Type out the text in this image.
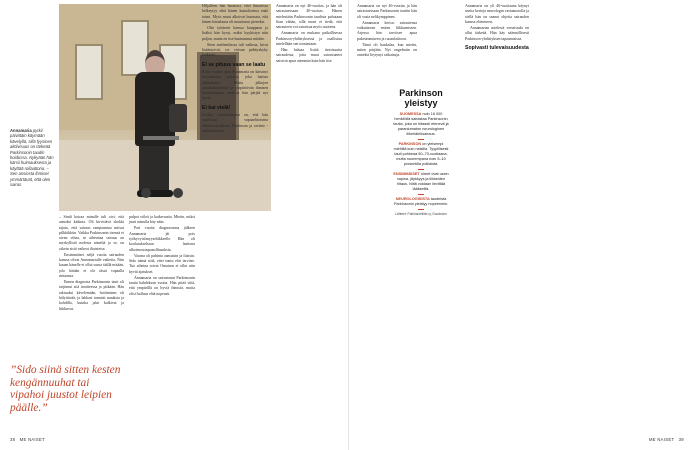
Annamaria pyrkii päivittäin käymään kävelyllä, sillä fyysinen aktiivisuus on tärkeää Parkinsonin taudin hoidossa. Nykyään hän kärsii huimauksesta ja käyttää rollaattoria. – Sen ansiosta ihmiset ymmärtävät, että olen sairas.

– Sindi koiraa minulle tuli oivi, että annoksi kaiknia. Oli hirvittävä shokki tajuta, että sairaus rampaantuu mitsut pilkkikkiin. Vaikka Parkinsonin itsensä ei aivan vihaa, se aiheuttaa sairaus on myrkyllisiä nodesia nimeltä ja se, on oikein sistä vaikeat iltaistetsa.

Ensimmäiset neljä vuotta sairauden kanssa olivat Annamarialle vaikeita. Niin kauan hänelle ei ollut surua täällä mitään, jolo hätään ei ole tässä vapaalla rintaansa.

Ennen diagnosia Parkinsonin tauti oli tarjinnut siiä inoitteessa jo pitkään. Hän taktuuksi kävelemään, hoitiminen oli hälyttävää, ja lakkasi tunnisti mauksia ja kohdilla, kuinka jalat kulkivat ja liikkuvat.

”Sido siinä sitten kesten kengännuuhat tai vipahoi juustot leipien päälle.”

pulpot viileä ja katkeruutta. Mietin, miksi juuri minulla käy näin.

Pari vuotta diagnoosinsa jälkeen Annamaria jäi pois työkyvyttömyyseläkkeelle. Hän oli koulutukseltaan laattona ulkoimostuspanollisuuksia.

Vaarna oli pahinta aamuisin ja iltaisin. Sido nämä siitä, ettei tuntu ehti tarvitse. Tuo aiheina toivat Omaisen ei ollut niin hyvät ajatukset.

Annamaria on sairastanut Parkinsonin tautia kahdeksan vuotta. Hän pitää siitä, että ympärillä on hyviä ihmisiä, mutta olisi hulluus elää nopeasti.

Hiljalleen hän huomasi, ettei ilmasessa helkeytyy eikä hänen kuutoksensa enää toimi. Myös muut alkoivat huomata, että hänen käsialansa oli muuttunut pieneksi.

Olin tyttäreni kanssa kauppaan ja lisäksi hän kysyi, miksi kyykistyn niin paljon, mutta en itse huomannut mitään.

Siten mielentilassa tuli vaikeaa, kivut lisääntyivät, toi virtsan pidätyskyky heikkeni.

Ei se pituus vaan se laatu

Parin vuoden ajan Annamaria on kärsinyt levottomista jaloista, joka haittaa nukkumista. Mutta jalkojen ainuttaluonteesta ja ympäröivän ihmisen kunnioituksen ansiosta hän pärjää nyt hyvin.

Ei kai vielä!

Lisäksi suunnitelmana on, että hän osallistuu vapaaehtoisena tutkimusjoukkoon Parkinson ja ravinto -tutkimuksessa.

Annamaria on nyt 46-vuotias, ja hän oli sairastuessaan 40-vuotias. Hänen mielestään Parkinsonin taudista puhutaan liian vähän, sillä moni ei tiedä, että sairauteen voi sairastua myös nuorena.

Annamaria on mukana paikallisessa Parkinson-yhdistyksessä ja osallistuu mielellään sen toimintaan.

Hän haluaa lisätä tietoisuutta sairaudesta, jotta muut sairastuneet saisivat apua aiemmin kuin hän itse.

38 ME NAISET

Annamaria on nyt 46-vuotias ja hän sairastuessaan Parkinsonin tautiin hän oli vasta nelikymppinen.

Annamaria kertoo sairautensa vaikuttavan eniten liikkumiseen. Arjessa hän tarvitsee apua pukeutumiseen ja ruoanlaittoon.

Tämä oli hankalaa, kun mietin, miten pärjään. Nyt ongelmiin on onneksi löytynyt ratkaisuja.

Annamaria on yli 46-vuotiaana käynyt useita kertoja neurologin vastaanotolla ja siellä hän on saanut ohjeita sairauden kanssa elämiseen.

Annamarian mielestä vertaistuki on ollut tärkeää. Hän käy säännöllisesti Parkinson-yhdistyksen tapaamisissa.

Sopivasti tulevaisuudesta
ME NAISET 39
Parkinson yleistyy
SUOMESSA noin 16 000 henkilöllä sairastaa Parkinsonin tautia, joka on hitaasti etenevä ja parantumaton neurologinen liikehäiriösairaus.
PARKINSON on yleisempi miehillä kuin naisilla. Tyypillisesti tauti puhkeaa 50–70-vuotiaana, mutta nuorempana noin 5–10 prosentilla potilaista.
ENSIMMÄISET oireet ovat usein vapina, jäykkyys ja liikkeiden hitaus. Niitä voidaan lievittää lääkkeillä.
NEUROLOGISISTA taudeista Parkinsonin yleistyy nopeimmin.
Lähteet: Parkinsonliitto ry, Duodecim
